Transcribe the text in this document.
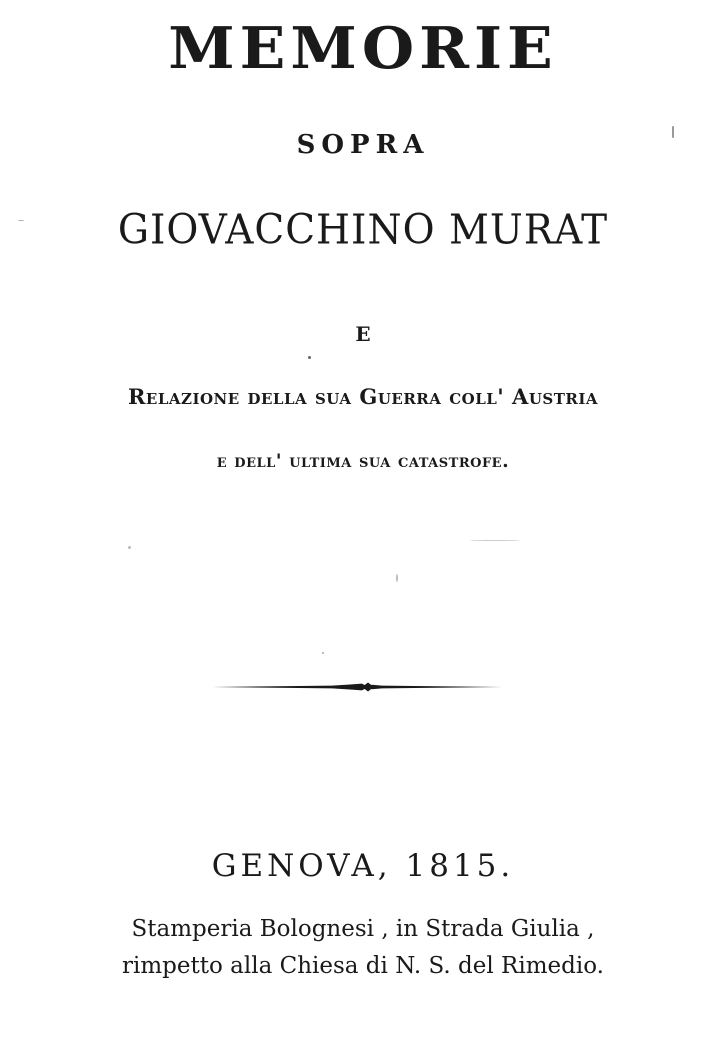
MEMORIE
SOPRA
GIOVACCHINO MURAT
E
Relazione della sua Guerra coll' Austria
e dell' ultima sua catastrofe.
GENOVA, 1815.
Stamperia Bolognesi , in Strada Giulia ,
rimpetto alla Chiesa di N. S. del Rimedio.
